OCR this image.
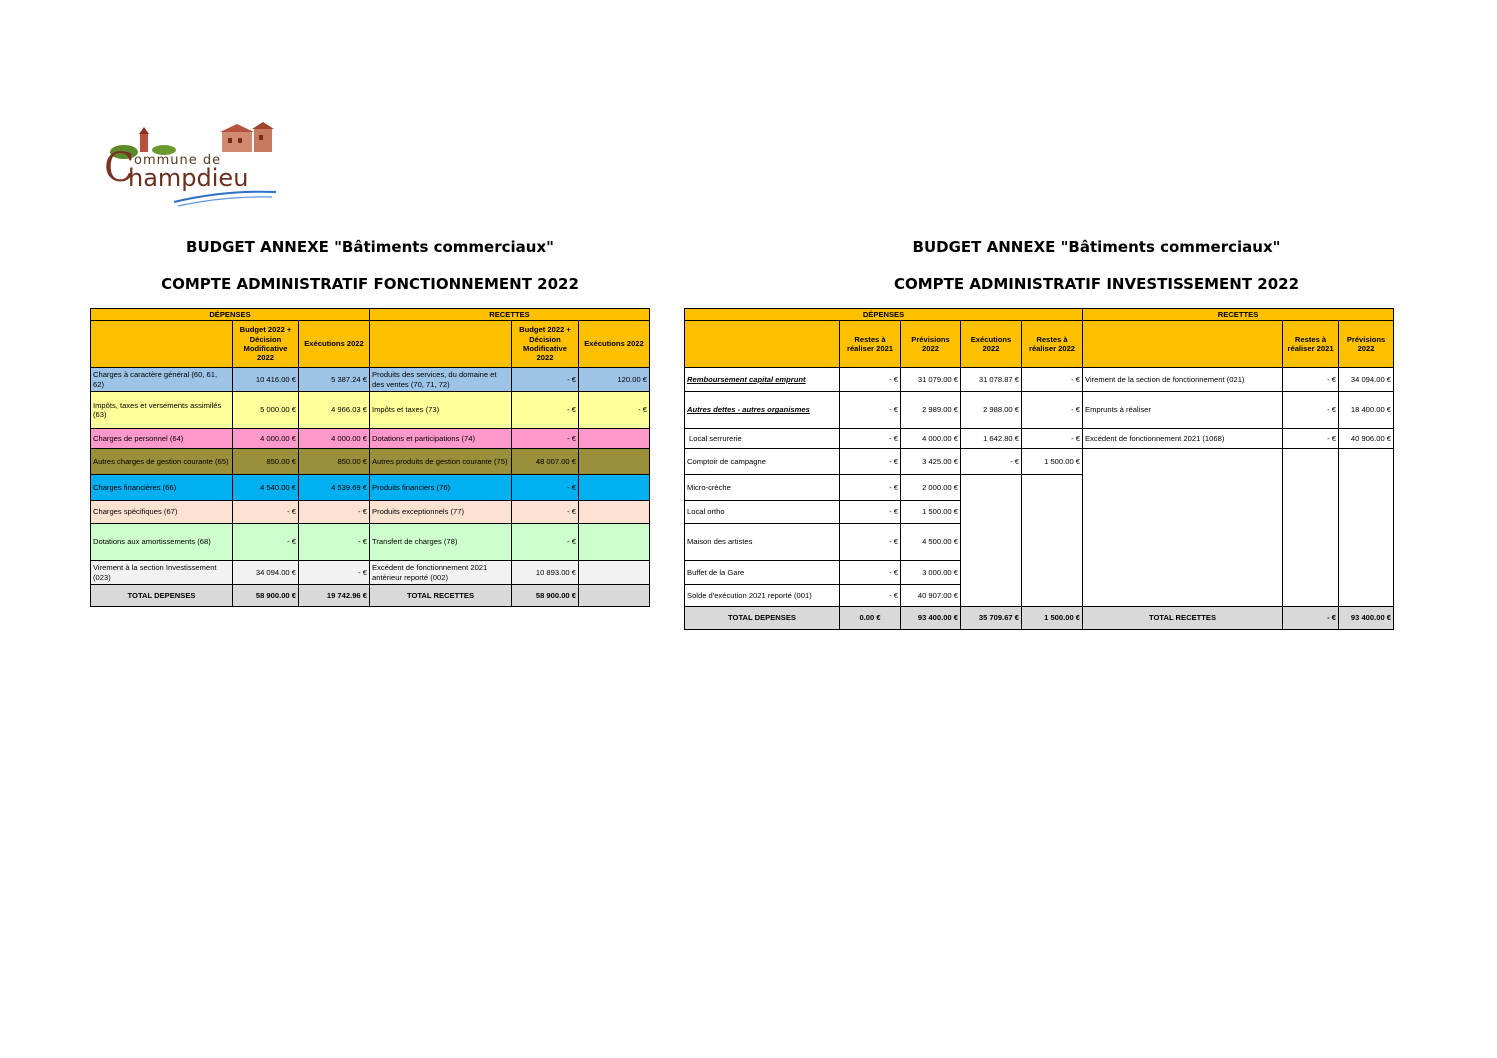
C ommune de
hampdieu
BUDGET ANNEXE "Bâtiments commerciaux"
COMPTE ADMINISTRATIF FONCTIONNEMENT 2022
BUDGET ANNEXE "Bâtiments commerciaux"
COMPTE ADMINISTRATIF INVESTISSEMENT 2022
DÉPENSES			RECETTES		
	Budget 2022 + Décision Modificative 2022	Exécutions 2022		Budget 2022 + Décision Modificative 2022	Exécutions 2022
Charges à caractère général (60, 61, 62)	10 416.00 €	5 387.24 €	Produits des services, du domaine et des ventes (70, 71, 72)	- €	120.00 €
Impôts, taxes et versements assimilés (63)	5 000.00 €	4 966.03 €	Impôts et taxes (73)	- €	- €
Charges de personnel (64)	4 000.00 €	4 000.00 €	Dotations et participations (74)	- €	
Autres charges de gestion courante (65)	850.00 €	850.00 €	Autres produits de gestion courante (75)	48 007.00 €	
Charges financières (66)	4 540.00 €	4 539.69 €	Produits financiers (76)	- €	
Charges spécifiques (67)	- €	- €	Produits exceptionnels (77)	- €	
Dotations aux amortissements (68)	- €	- €	Transfert de charges (78)	- €	
Virement à la section Investissement (023)	34 094.00 €	- €	Excédent de fonctionnement 2021 antérieur reporté (002)	10 893.00 €	
TOTAL DEPENSES	58 900.00 €	19 742.96 €	TOTAL RECETTES	58 900.00 €	
DÉPENSES					RECETTES		
	Restes à réaliser 2021	Prévisions 2022	Exécutions 2022	Restes à réaliser 2022		Restes à réaliser 2021	Prévisions 2022
Remboursement capital emprunt	- €	31 079.00 €	31 078.87 €	- €	Virement de la section de fonctionnement (021)	- €	34 094.00 €
Autres dettes - autres organismes	- €	2 989.00 €	2 988.00 €	- €	Emprunts à réaliser	- €	18 400.00 €
Local serrurerie	- €	4 000.00 €	1 642.80 €	- €	Excédent de fonctionnement 2021 (1068)	- €	40 906.00 €
Comptoir de campagne	- €	3 425.00 €	- €	1 500.00 €			
Micro-crèche	- €	2 000.00 €					
Local ortho	- €	1 500.00 €					
Maison des artistes	- €	4 500.00 €					
Buffet de la Gare	- €	3 000.00 €					
Solde d'exécution 2021 reporté (001)	- €	40 907.00 €					
TOTAL DEPENSES	0.00 €	93 400.00 €	35 709.67 €	1 500.00 €	TOTAL RECETTES	- €	93 400.00 €
